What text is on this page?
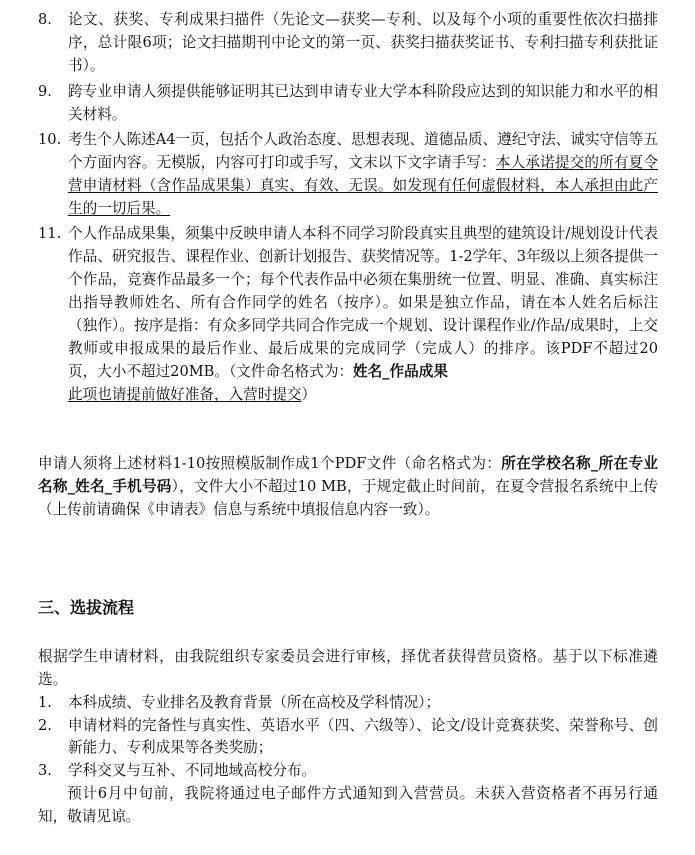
8.	论文、获奖、专利成果扫描件（先论文—获奖—专利、以及每个小项的重要性依次扫描排序，总计限6项；论文扫描期刊中论文的第一页、获奖扫描获奖证书、专利扫描专利获批证书）。
9.	跨专业申请人须提供能够证明其已达到申请专业大学本科阶段应达到的知识能力和水平的相关材料。
10. 考生个人陈述A4一页，包括个人政治态度、思想表现、道德品质、遵纪守法、诚实守信等五个方面内容。无模版，内容可打印或手写，文末以下文字请手写：本人承诺提交的所有夏令营申请材料（含作品成果集）真实、有效、无误。如发现有任何虚假材料，本人承担由此产生的一切后果。
11. 个人作品成果集，须集中反映申请人本科不同学习阶段真实且典型的建筑设计/规划设计代表作品、研究报告、课程作业、创新计划报告、获奖情况等。1-2学年、3年级以上须各提供一个作品，竞赛作品最多一个；每个代表作品中必须在集册统一位置、明显、准确、真实标注出指导教师姓名、所有合作同学的姓名（按序）。如果是独立作品，请在本人姓名后标注（独作）。按序是指：有众多同学共同合作完成一个规划、设计课程作业/作品/成果时，上交教师或申报成果的最后作业、最后成果的完成同学（完成人）的排序。该PDF不超过20页，大小不超过20MB。（文件命名格式为：姓名_作品成果
此项也请提前做好准备，入营时提交）
申请人须将上述材料1-10按照模版制作成1个PDF文件（命名格式为：所在学校名称_所在专业名称_姓名_手机号码），文件大小不超过10 MB，于规定截止时间前，在夏令营报名系统中上传（上传前请确保《申请表》信息与系统中填报信息内容一致）。
三、选拔流程
根据学生申请材料，由我院组织专家委员会进行审核，择优者获得营员资格。基于以下标准遴选。
1. 本科成绩、专业排名及教育背景（所在高校及学科情况）；
2. 申请材料的完备性与真实性、英语水平（四、六级等）、论文/设计竞赛获奖、荣誉称号、创新能力、专利成果等各类奖励；
3. 学科交叉与互补、不同地域高校分布。
预计6月中旬前，我院将通过电子邮件方式通知到入营营员。未获入营资格者不再另行通知，敬请见谅。
